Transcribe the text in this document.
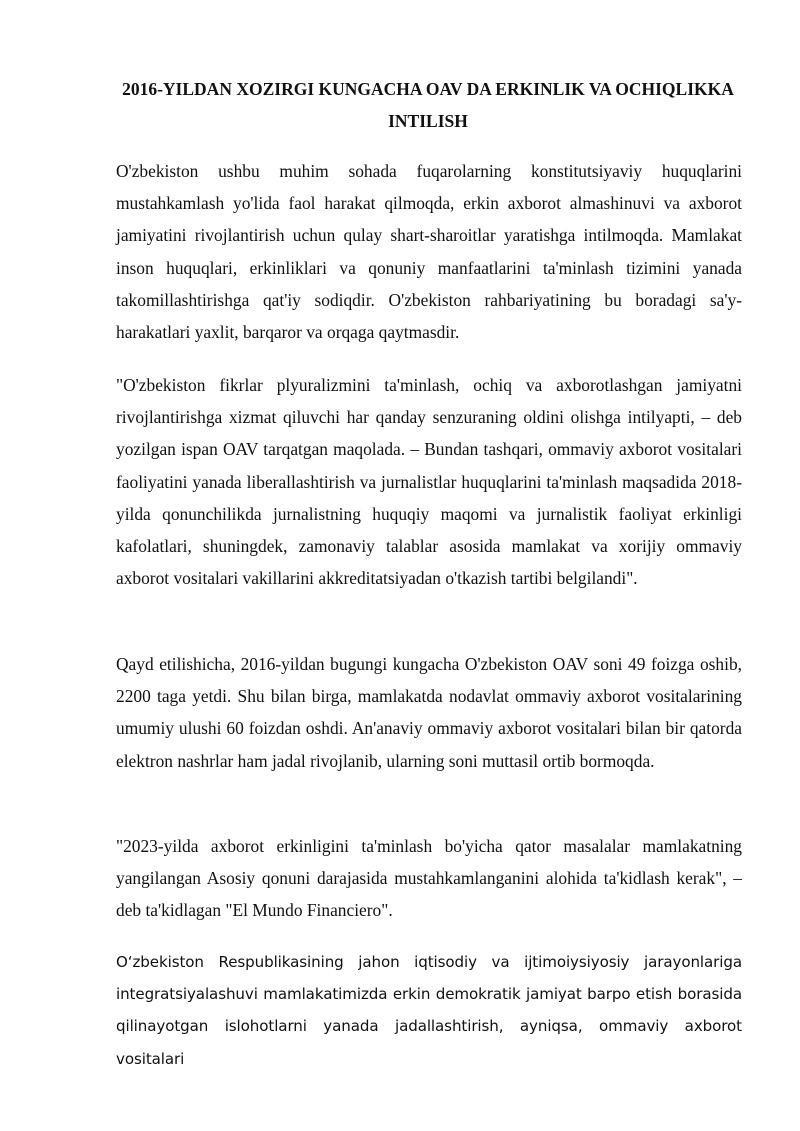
2016-YILDAN XOZIRGI KUNGACHA OAV DA ERKINLIK VA OCHIQLIKKA INTILISH

O'zbekiston ushbu muhim sohada fuqarolarning konstitutsiyaviy huquqlarini mustahkamlash yo'lida faol harakat qilmoqda, erkin axborot almashinuvi va axborot jamiyatini rivojlantirish uchun qulay shart-sharoitlar yaratishga intilmoqda. Mamlakat inson huquqlari, erkinliklari va qonuniy manfaatlarini ta'minlash tizimini yanada takomillashtirishga qat'iy sodiqdir. O'zbekiston rahbariyatining bu boradagi sa'y-harakatlari yaxlit, barqaror va orqaga qaytmasdir.

"O'zbekiston fikrlar plyuralizmini ta'minlash, ochiq va axborotlashgan jamiyatni rivojlantirishga xizmat qiluvchi har qanday senzuraning oldini olishga intilyapti, – deb yozilgan ispan OAV tarqatgan maqolada. – Bundan tashqari, ommaviy axborot vositalari faoliyatini yanada liberallashtirish va jurnalistlar huquqlarini ta'minlash maqsadida 2018-yilda qonunchilikda jurnalistning huquqiy maqomi va jurnalistik faoliyat erkinligi kafolatlari, shuningdek, zamonaviy talablar asosida mamlakat va xorijiy ommaviy axborot vositalari vakillarini akkreditatsiyadan o'tkazish tartibi belgilandi".

Qayd etilishicha, 2016-yildan bugungi kungacha O'zbekiston OAV soni 49 foizga oshib, 2200 taga yetdi. Shu bilan birga, mamlakatda nodavlat ommaviy axborot vositalarining umumiy ulushi 60 foizdan oshdi. An'anaviy ommaviy axborot vositalari bilan bir qatorda elektron nashrlar ham jadal rivojlanib, ularning soni muttasil ortib bormoqda.

"2023-yilda axborot erkinligini ta'minlash bo'yicha qator masalalar mamlakatning yangilangan Asosiy qonuni darajasida mustahkamlanganini alohida ta'kidlash kerak", – deb ta'kidlagan "El Mundo Financiero".

O‘zbekiston Respublikasining jahon iqtisodiy va ijtimoiysiyosiy jarayonlariga integratsiyalashuvi mamlakatimizda erkin demokratik jamiyat barpo etish borasida qilinayotgan islohotlarni yanada jadallashtirish, ayniqsa, ommaviy axborot vositalari
